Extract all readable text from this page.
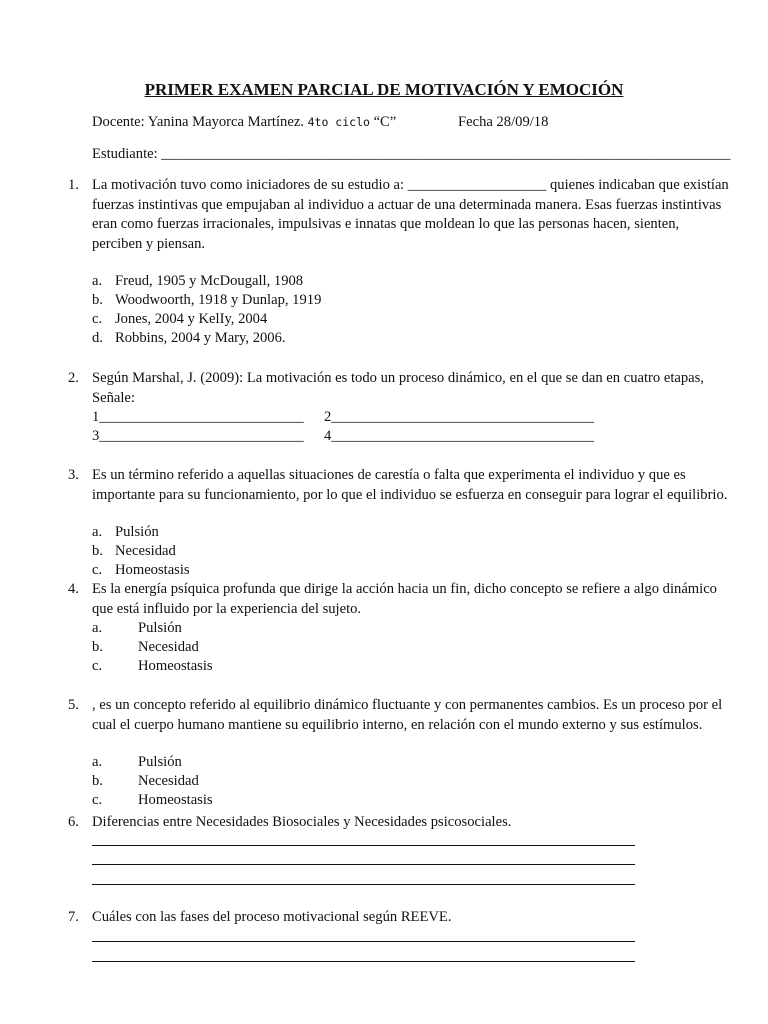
PRIMER EXAMEN PARCIAL DE MOTIVACIÓN Y EMOCIÓN
Docente: Yanina Mayorca Martínez. 4to ciclo “C”	Fecha 28/09/18
Estudiante: ______________________________________________________________________________
1. La motivación tuvo como iniciadores de su estudio a: ___________________ quienes indicaban que existían fuerzas instintivas que empujaban al individuo a actuar de una determinada manera. Esas fuerzas instintivas eran como fuerzas irracionales, impulsivas e innatas que moldean lo que las personas hacen, sienten, perciben y piensan.
a. Freud, 1905 y McDougall, 1908
b. Woodwoorth, 1918 y Dunlap, 1919
c. Jones, 2004 y KelIy, 2004
d. Robbins, 2004 y Mary, 2006.
2. Según Marshal, J. (2009): La motivación es todo un proceso dinámico, en el que se dan en cuatro etapas, Señale:
1____________________________ 2____________________________________
3____________________________ 4____________________________________
3. Es un término referido a aquellas situaciones de carestía o falta que experimenta el individuo y que es importante para su funcionamiento, por lo que el individuo se esfuerza en conseguir para lograr el equilibrio.
a. Pulsión
b. Necesidad
c. Homeostasis
4. Es la energía psíquica profunda que dirige la acción hacia un fin, dicho concepto se refiere a algo dinámico que está influido por la experiencia del sujeto.
a. Pulsión
b. Necesidad
c. Homeostasis
5. , es un concepto referido al equilibrio dinámico fluctuante y con permanentes cambios. Es un proceso por el cual el cuerpo humano mantiene su equilibrio interno, en relación con el mundo externo y sus estímulos.
a. Pulsión
b. Necesidad
c. Homeostasis
6. Diferencias entre Necesidades Biosociales y Necesidades psicosociales.
7. Cuáles con las fases del proceso motivacional según REEVE.
